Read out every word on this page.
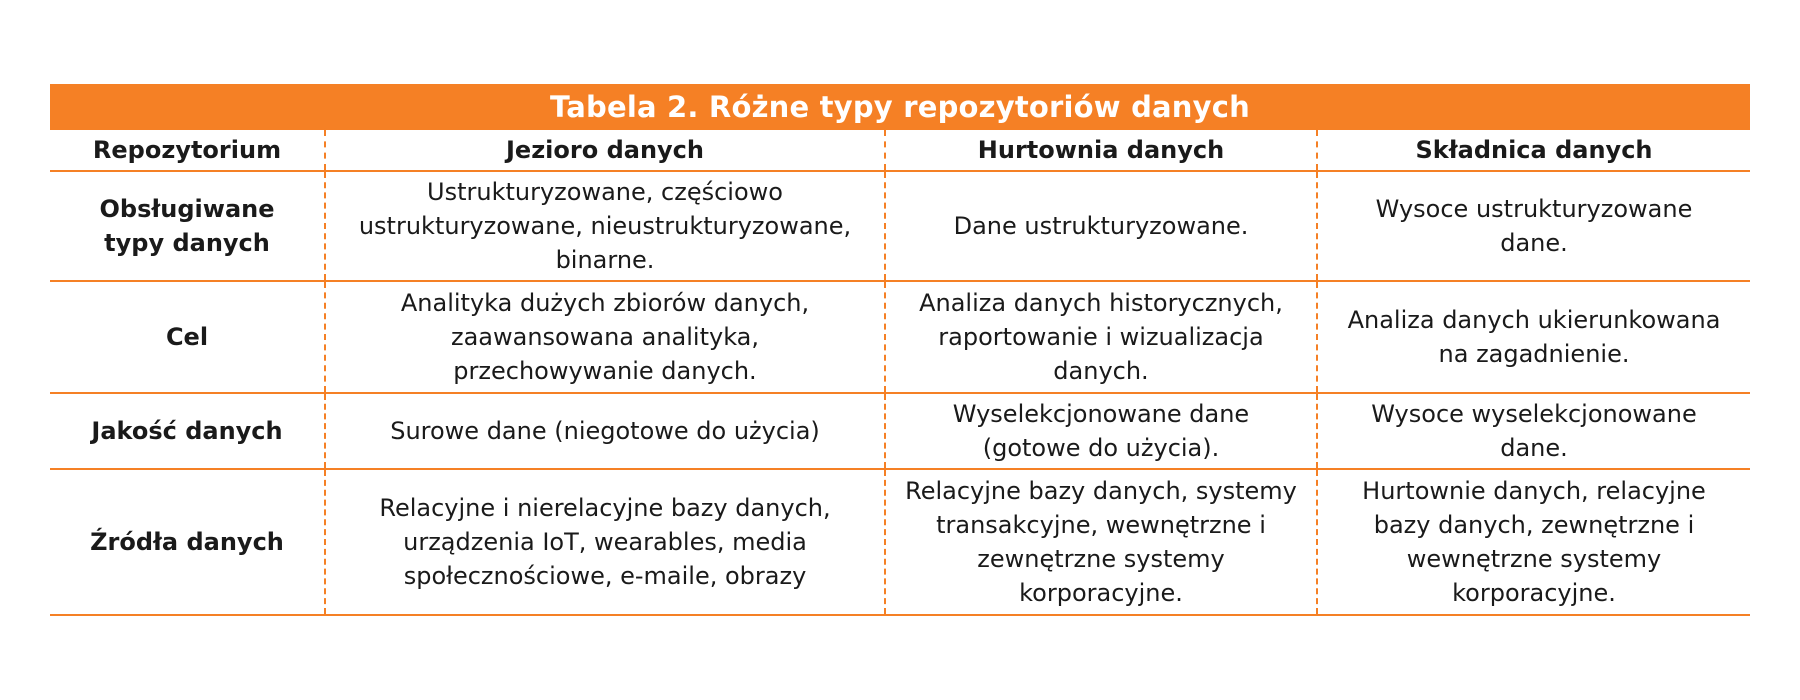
Tabela 2. Różne typy repozytoriów danych
Repozytorium	Jezioro danych	Hurtownia danych	Składnica danych
Obsługiwane typy danych	Ustrukturyzowane, częściowo ustrukturyzowane, nieustrukturyzowane, binarne.	Dane ustrukturyzowane.	Wysoce ustrukturyzowane dane.
Cel	Analityka dużych zbiorów danych, zaawansowana analityka, przechowywanie danych.	Analiza danych historycznych, raportowanie i wizualizacja danych.	Analiza danych ukierunkowana na zagadnienie.
Jakość danych	Surowe dane (niegotowe do użycia)	Wyselekcjonowane dane (gotowe do użycia).	Wysoce wyselekcjonowane dane.
Źródła danych	Relacyjne i nierelacyjne bazy danych, urządzenia IoT, wearables, media społecznościowe, e-maile, obrazy	Relacyjne bazy danych, systemy transakcyjne, wewnętrzne i zewnętrzne systemy korporacyjne.	Hurtownie danych, relacyjne bazy danych, zewnętrzne i wewnętrzne systemy korporacyjne.
